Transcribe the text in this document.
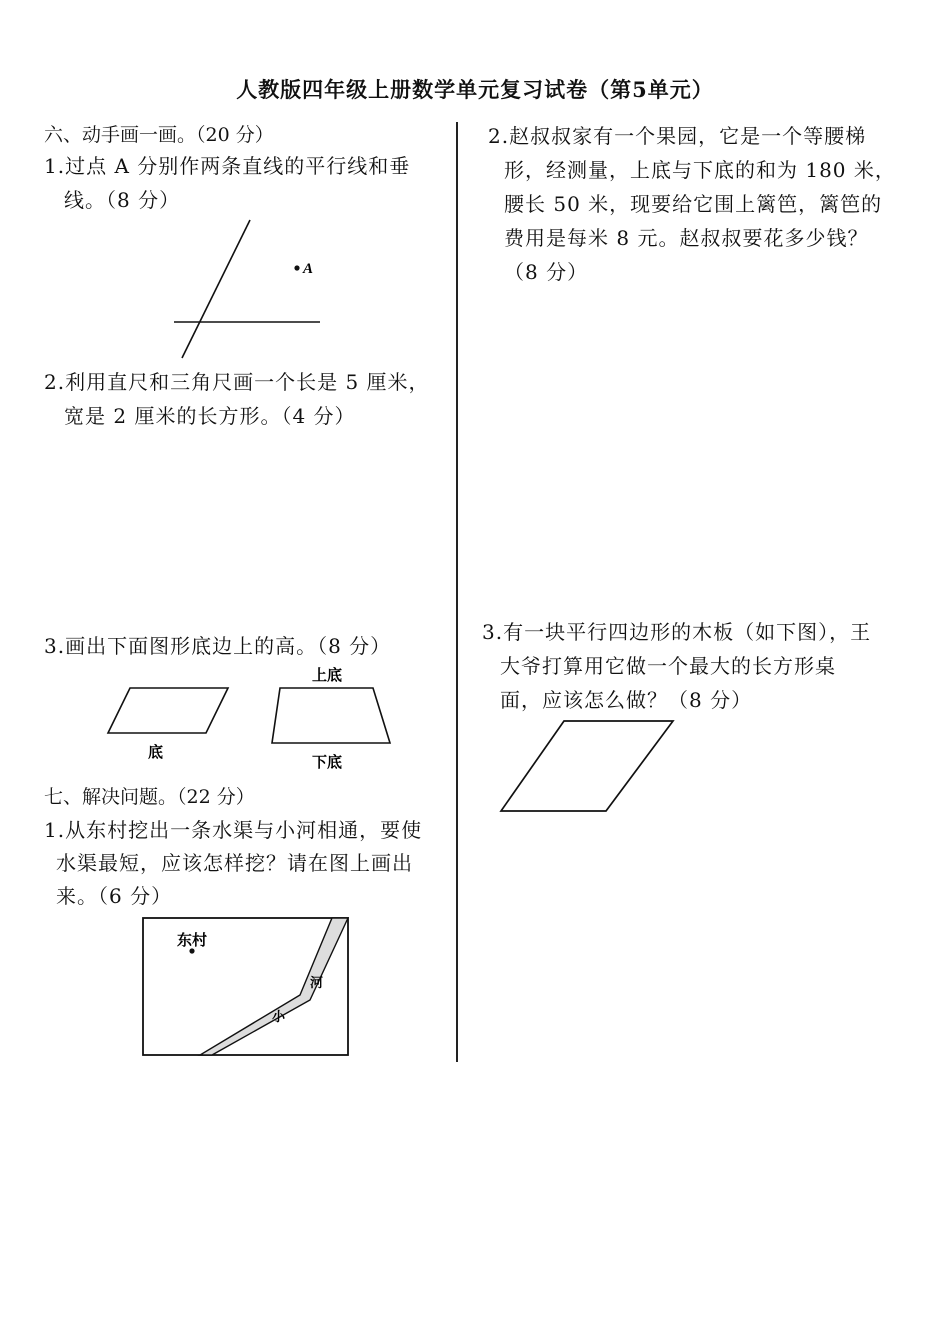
人教版四年级上册数学单元复习试卷（第5单元）
六、动手画一画。（20 分）
1.过点 A 分别作两条直线的平行线和垂
线。（8 分）
A
2.利用直尺和三角尺画一个长是 5 厘米，
宽是 2 厘米的长方形。（4 分）
3.画出下面图形底边上的高。（8 分）
底
上底
下底
七、解决问题。（22 分）
1.从东村挖出一条水渠与小河相通，要使
水渠最短，应该怎样挖？请在图上画出
来。（6 分）
东村
河
小
2.赵叔叔家有一个果园，它是一个等腰梯
形，经测量，上底与下底的和为 180 米，
腰长 50 米，现要给它围上篱笆，篱笆的
费用是每米 8 元。赵叔叔要花多少钱？
（8 分）
3.有一块平行四边形的木板（如下图），王
大爷打算用它做一个最大的长方形桌
面，应该怎么做？（8 分）
